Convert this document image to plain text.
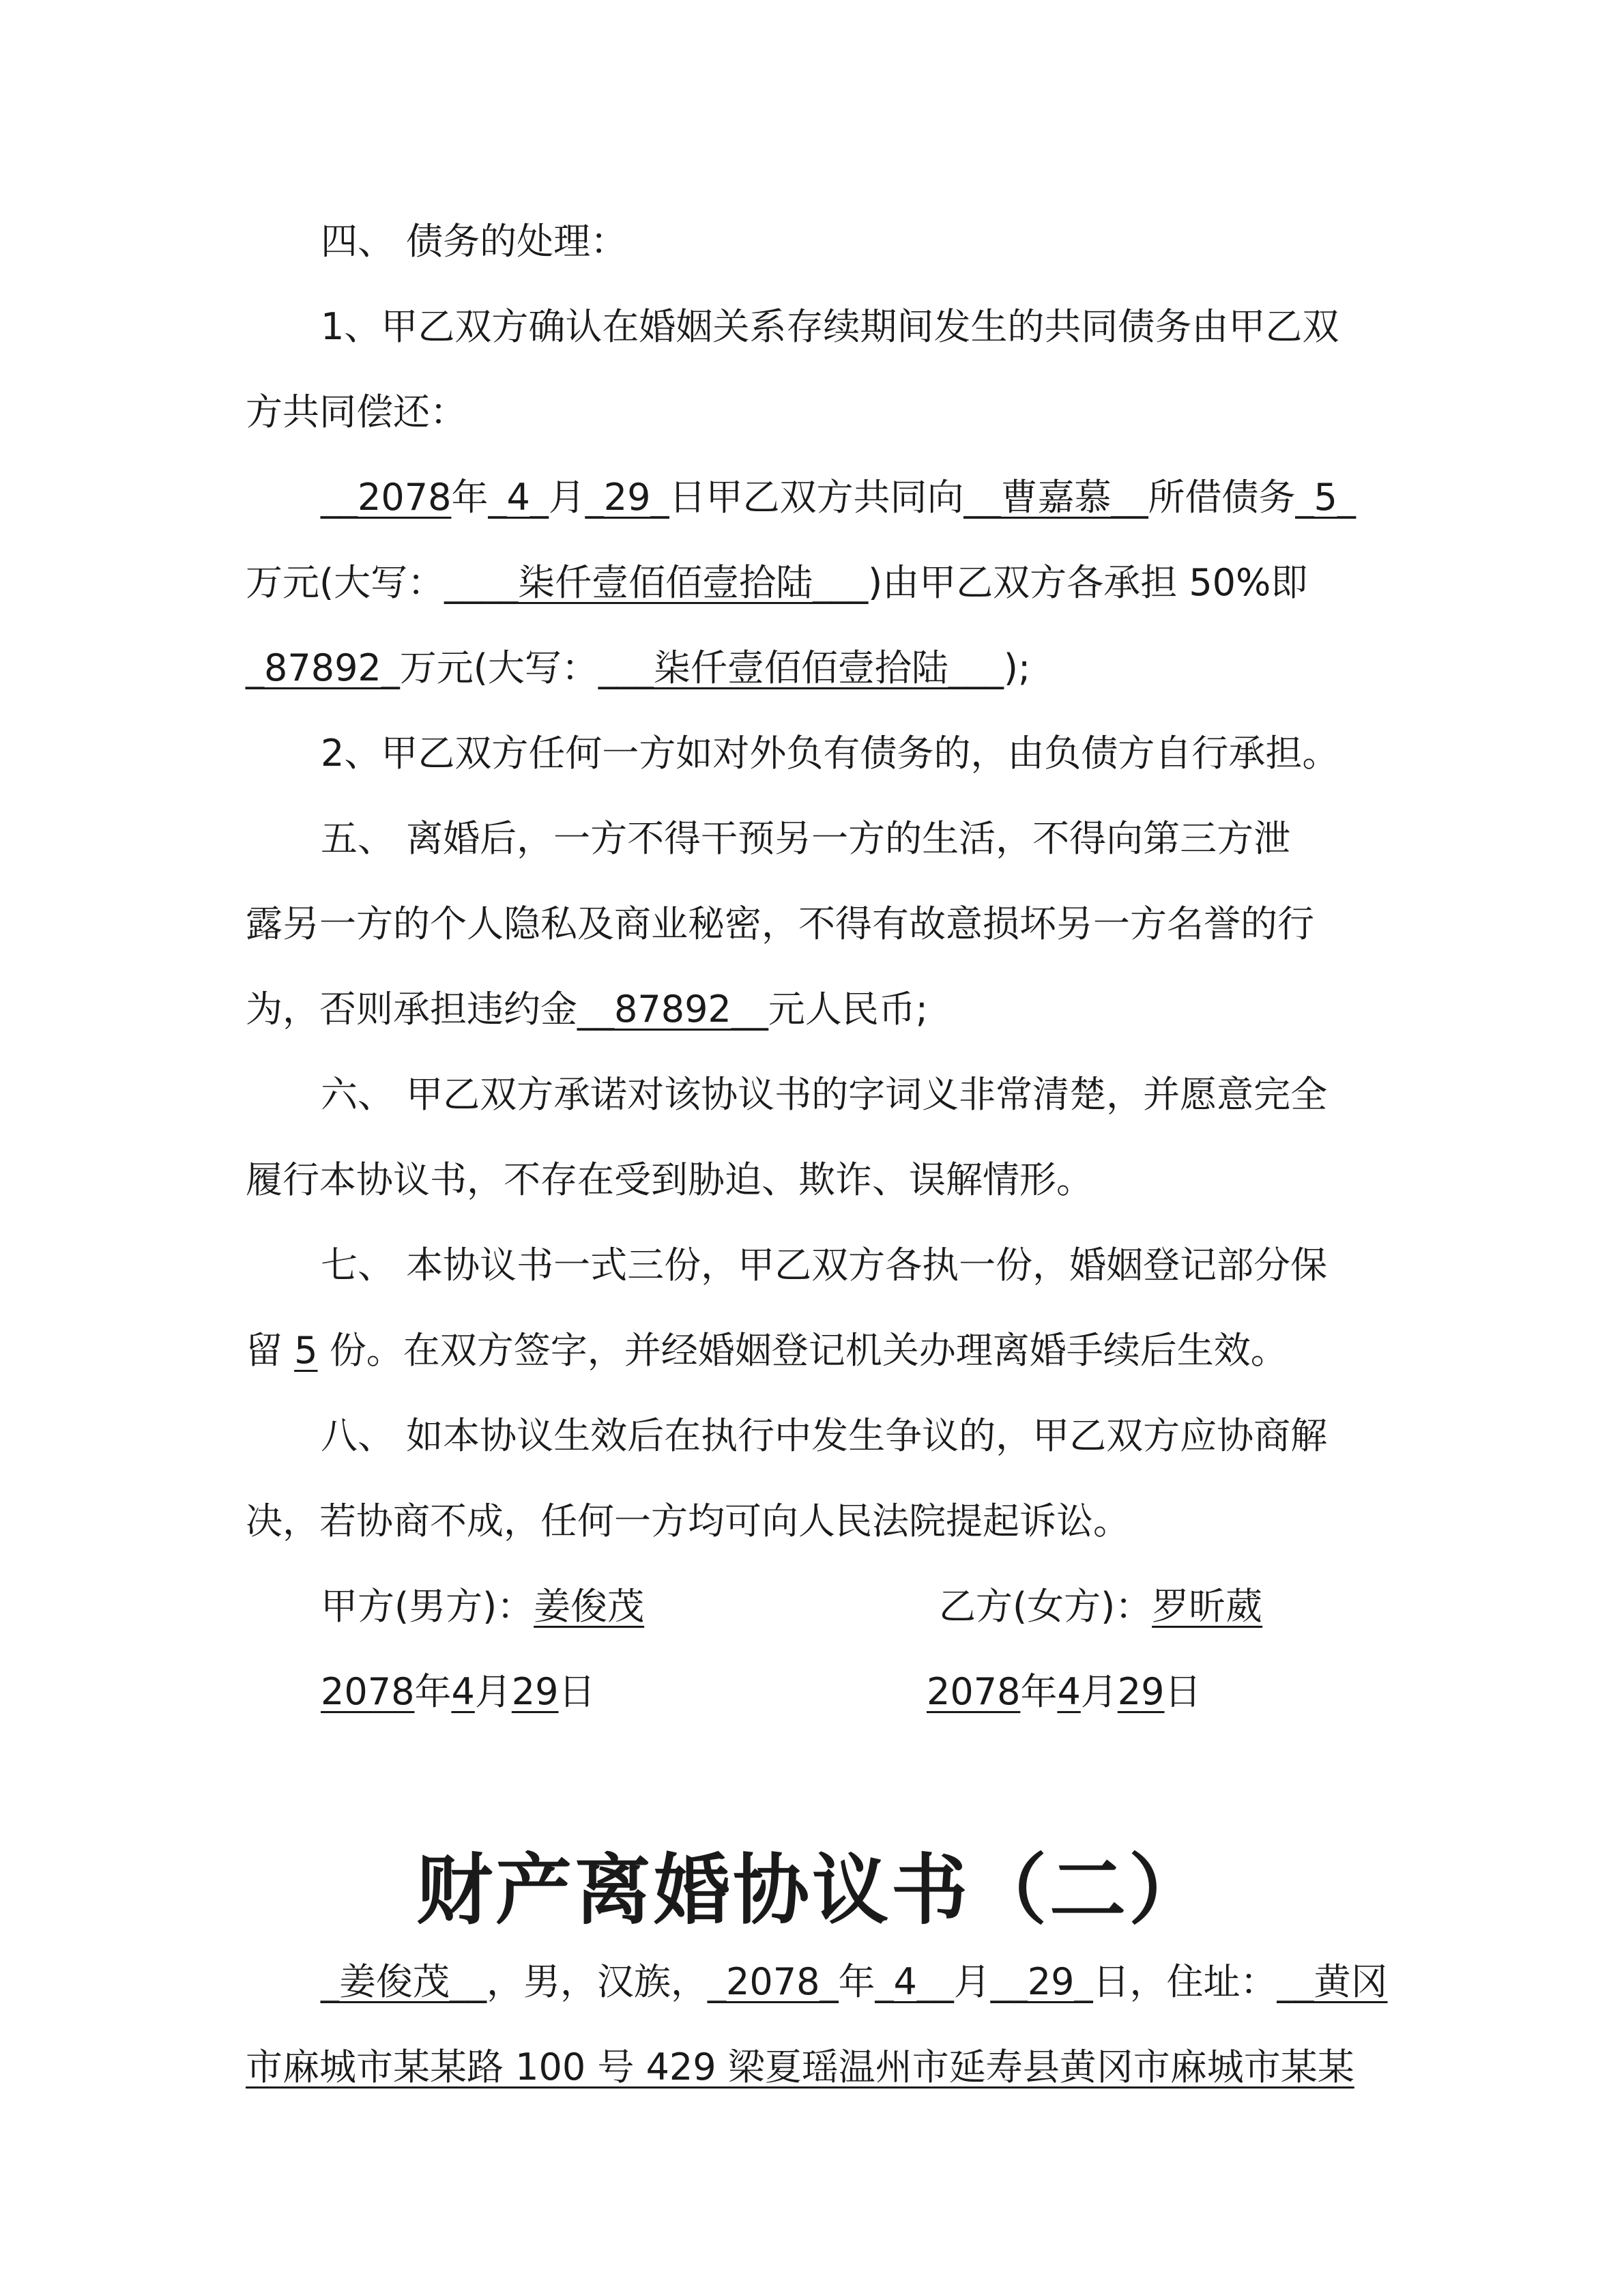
四、 债务的处理：
1、甲乙双方确认在婚姻关系存续期间发生的共同债务由甲乙双
方共同偿还：
__2078年_4_月_29_日甲乙双方共同向__曹嘉慕__所借债务_5_
万元(大写：____柒仟壹佰佰壹拾陆___)由甲乙双方各承担 50%即
_87892_万元(大写：___柒仟壹佰佰壹拾陆___);
2、甲乙双方任何一方如对外负有债务的，由负债方自行承担。
五、 离婚后，一方不得干预另一方的生活，不得向第三方泄
露另一方的个人隐私及商业秘密，不得有故意损坏另一方名誉的行
为，否则承担违约金__87892__元人民币;
六、 甲乙双方承诺对该协议书的字词义非常清楚，并愿意完全
履行本协议书，不存在受到胁迫、欺诈、误解情形。
七、 本协议书一式三份，甲乙双方各执一份，婚姻登记部分保
留 5 份。在双方签字，并经婚姻登记机关办理离婚手续后生效。
八、 如本协议生效后在执行中发生争议的，甲乙双方应协商解
决，若协商不成，任何一方均可向人民法院提起诉讼。
甲方(男方)：姜俊茂	乙方(女方)：罗昕葳
2078年4月29日	2078年4月29日
财产离婚协议书（二）
_姜俊茂__，男，汉族，_2078_年_4__月__29_日，住址：__黄冈
市麻城市某某路 100 号 429 梁夏瑶温州市延寿县黄冈市麻城市某某
